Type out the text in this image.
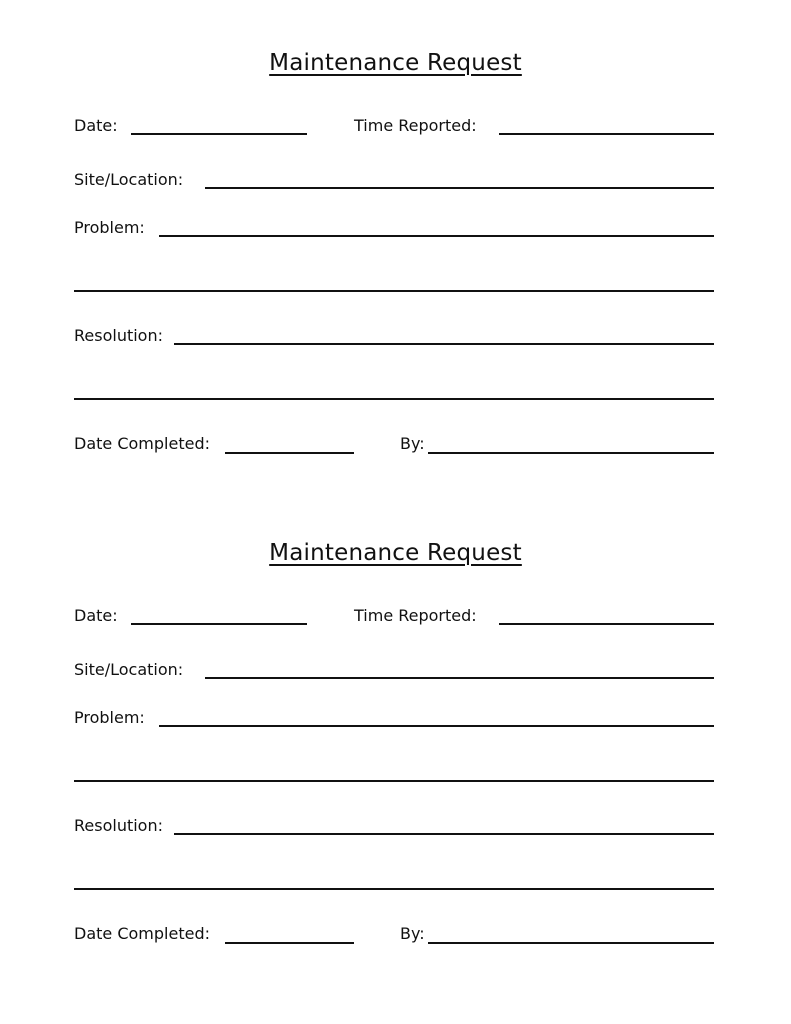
Maintenance Request
Date:	Time Reported:
Site/Location:
Problem:
Resolution:
Date Completed:	By:
Maintenance Request
Date:	Time Reported:
Site/Location:
Problem:
Resolution:
Date Completed:	By:
